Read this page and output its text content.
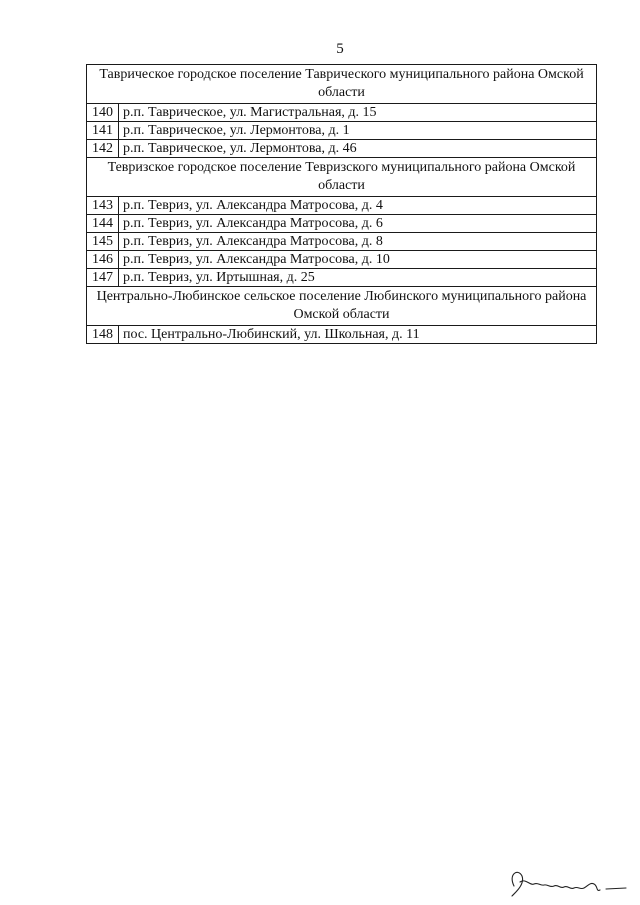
5
Таврическое городское поселение Таврического муниципального района Омской области	
140	р.п. Таврическое, ул. Магистральная, д. 15
141	р.п. Таврическое, ул. Лермонтова, д. 1
142	р.п. Таврическое, ул. Лермонтова, д. 46
Тевризское городское поселение Тевризского муниципального района Омской области	
143	р.п. Тевриз, ул. Александра Матросова, д. 4
144	р.п. Тевриз, ул. Александра Матросова, д. 6
145	р.п. Тевриз, ул. Александра Матросова, д. 8
146	р.п. Тевриз, ул. Александра Матросова, д. 10
147	р.п. Тевриз, ул. Иртышная, д. 25
Центрально-Любинское сельское поселение Любинского муниципального района Омской области	
148	пос. Центрально-Любинский, ул. Школьная, д. 11
